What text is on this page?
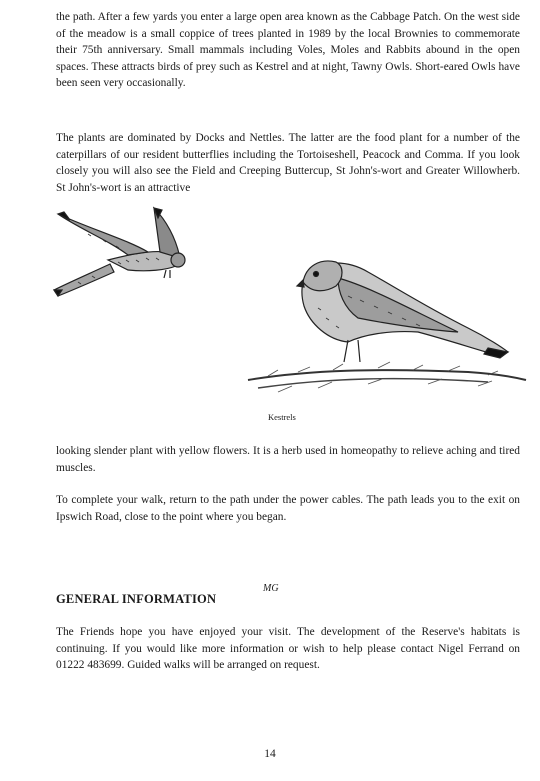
the path. After a few yards you enter a large open area known as the Cabbage Patch. On the west side of the meadow is a small coppice of trees planted in 1989 by the local Brownies to commemorate their 75th anniversary. Small mammals including Voles, Moles and Rabbits abound in the open spaces. These attracts birds of prey such as Kestrel and at night, Tawny Owls. Short-eared Owls have been seen very occasionally.

The plants are dominated by Docks and Nettles. The latter are the food plant for a number of the caterpillars of our resident butterflies including the Tortoiseshell, Peacock and Comma. If you look closely you will also see the Field and Creeping Buttercup, St John's-wort and Greater Willowherb. St John's-wort is an attractive

MG

Kestrels

looking slender plant with yellow flowers. It is a herb used in homeopathy to relieve aching and tired muscles.

To complete your walk, return to the path under the power cables. The path leads you to the exit on Ipswich Road, close to the point where you began.

GENERAL INFORMATION

The Friends hope you have enjoyed your visit. The development of the Reserve's habitats is continuing. If you would like more information or wish to help please contact Nigel Ferrand on 01222 483699. Guided walks will be arranged on request.

14
